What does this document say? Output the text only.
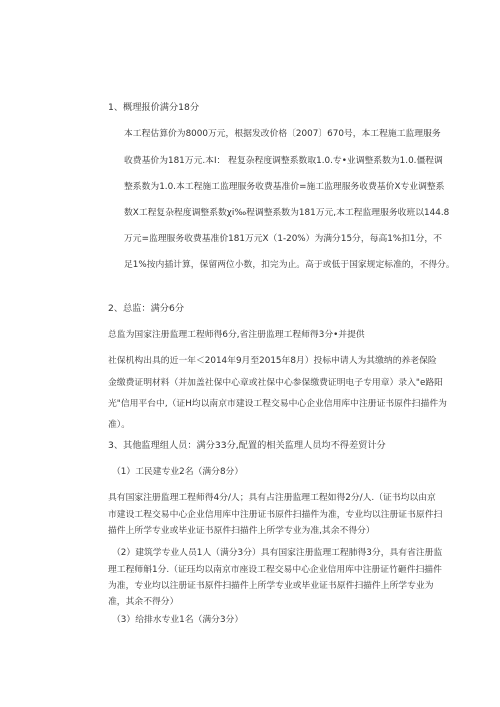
1、概理报价满分18分
本工程估算价为8000万元，根据发改价格〔2007〕670号，本工程施工监理服务
收费基价为181万元.本I： 程复杂程度调整系数取1.0.专•业调整系数为1.0.僵程调
整系数为1.0.本工程施工监理服务收费基准价=施工监理服务收费基价X专业调整系
数X工程复杂程度调整系数χi‰程调整系数为181万元,本工程监理服务收班以144.8
万元=监理服务收费基准价181万元X（1-20%）为满分15分，每高1%扣1分，不
足1%按内插计算，保留两位小数，扣完为止。高于或低于国家规定标准的，不得分。
2、总监：满分6分
总监为国家注册监理工程师得6分,省注册监理工程师得3分•并提供
社保机构出具的近一年＜2014年9月至2015年8月）投标申请人为其缴纳的养老保险
金缴费证明材料（并加盖社保中心章或社保中心参保缴费证明电子专用章）录入"e路阳
光"信用平台中,（证H均以南京市建设工程交易中心企业信用库中注册证书原件扫描件为
准）。
3、其他监理组人员：满分33分,配置的相关监理人员均不得差贸计分
（1）工民建专业2名（满分8分）
具有国家注册监理工程师得4分/人；具有占注册监理工程如得2分/人.（证书均以由京
市建设工程交易中心企业信用库中注册证书原件扫描件为准，专业均以注册证书原件扫
描件上所学专业或毕业证书原件扫描件上所学专业为准,其余不得分）
（2）建筑学专业人员1人（满分3分）具有国家注册监理工程肺得3分，具有省注册监
理工程师斛1分.（证珏均以南京市座设工程交易中心企业信用库中注册证竹砸件扫描件
为准，专业均以注册证书原件扫描件上所学专业或毕业证书原件扫描件上所学专业为
准，其余不得分）
（3）给排水专业1名（满分3分）
